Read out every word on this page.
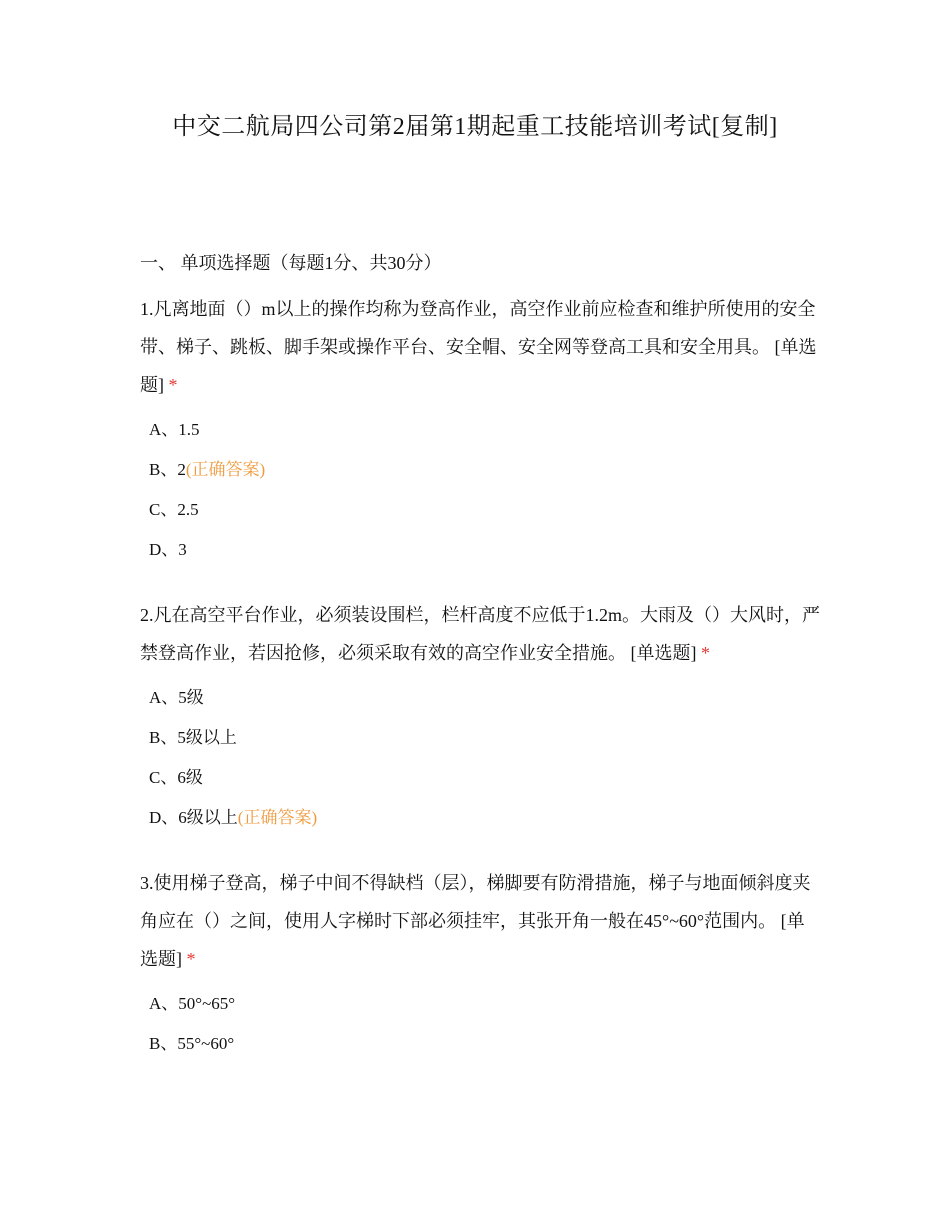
中交二航局四公司第2届第1期起重工技能培训考试[复制]
一、 单项选择题（每题1分、共30分）

1.凡离地面（）m以上的操作均称为登高作业，高空作业前应检查和维护所使用的安全带、梯子、跳板、脚手架或操作平台、安全帽、安全网等登高工具和安全用具。 [单选题] *

A、1.5
B、2(正确答案)
C、2.5
D、3

2.凡在高空平台作业，必须装设围栏，栏杆高度不应低于1.2m。大雨及（）大风时，严禁登高作业，若因抢修，必须采取有效的高空作业安全措施。 [单选题] *

A、5级
B、5级以上
C、6级
D、6级以上(正确答案)

3.使用梯子登高，梯子中间不得缺档（层），梯脚要有防滑措施，梯子与地面倾斜度夹角应在（）之间，使用人字梯时下部必须挂牢，其张开角一般在45°~60°范围内。 [单选题] *

A、50°~65°
B、55°~60°
